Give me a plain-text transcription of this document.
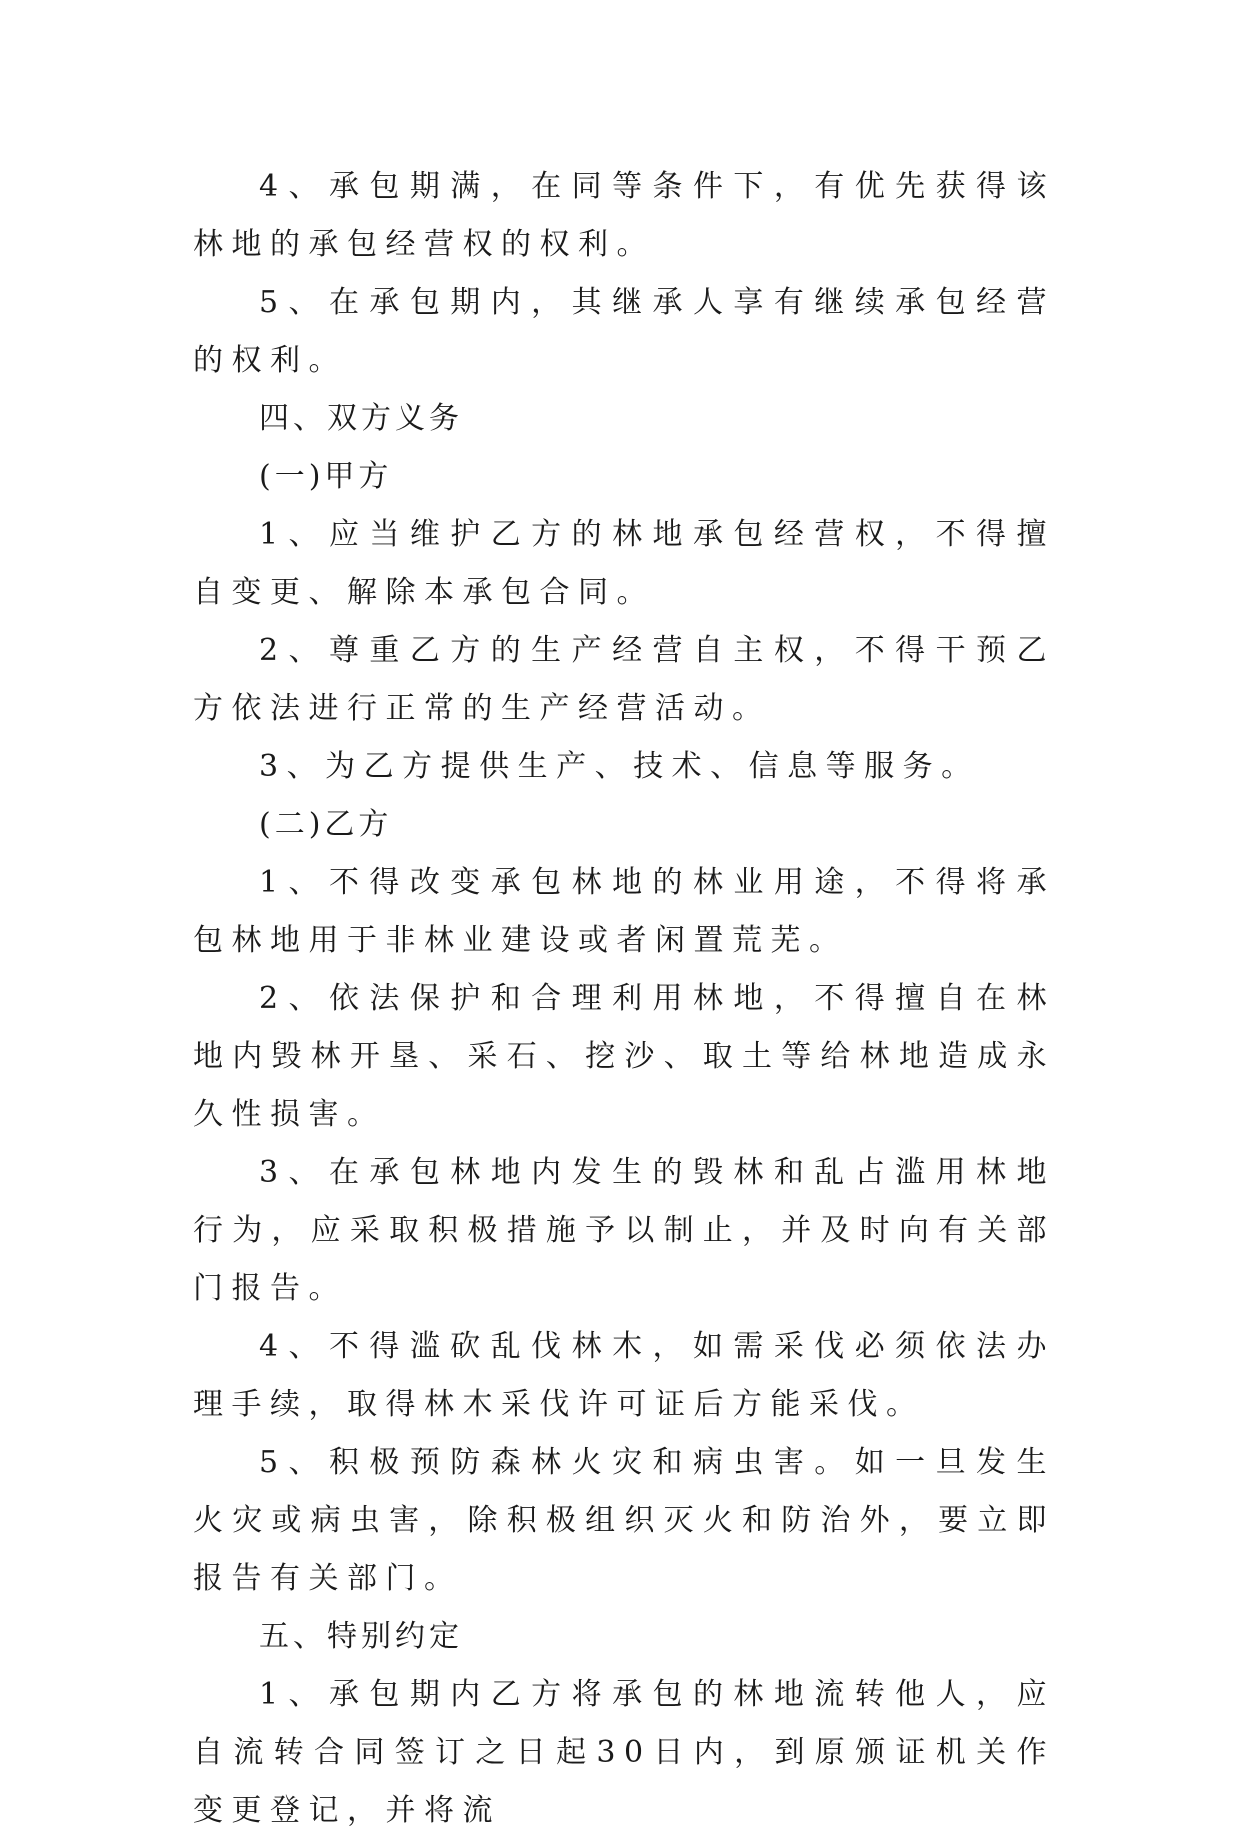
4、承包期满，在同等条件下，有优先获得该林地的承包经营权的权利。

5、在承包期内，其继承人享有继续承包经营的权利。

四、双方义务

(一)甲方

1、应当维护乙方的林地承包经营权，不得擅自变更、解除本承包合同。

2、尊重乙方的生产经营自主权，不得干预乙方依法进行正常的生产经营活动。

3、为乙方提供生产、技术、信息等服务。

(二)乙方

1、不得改变承包林地的林业用途，不得将承包林地用于非林业建设或者闲置荒芜。

2、依法保护和合理利用林地，不得擅自在林地内毁林开垦、采石、挖沙、取土等给林地造成永久性损害。

3、在承包林地内发生的毁林和乱占滥用林地行为，应采取积极措施予以制止，并及时向有关部门报告。

4、不得滥砍乱伐林木，如需采伐必须依法办理手续，取得林木采伐许可证后方能采伐。

5、积极预防森林火灾和病虫害。如一旦发生火灾或病虫害，除积极组织灭火和防治外，要立即报告有关部门。

五、特别约定

1、承包期内乙方将承包的林地流转他人，应自流转合同签订之日起30日内，到原颁证机关作变更登记，并将流
